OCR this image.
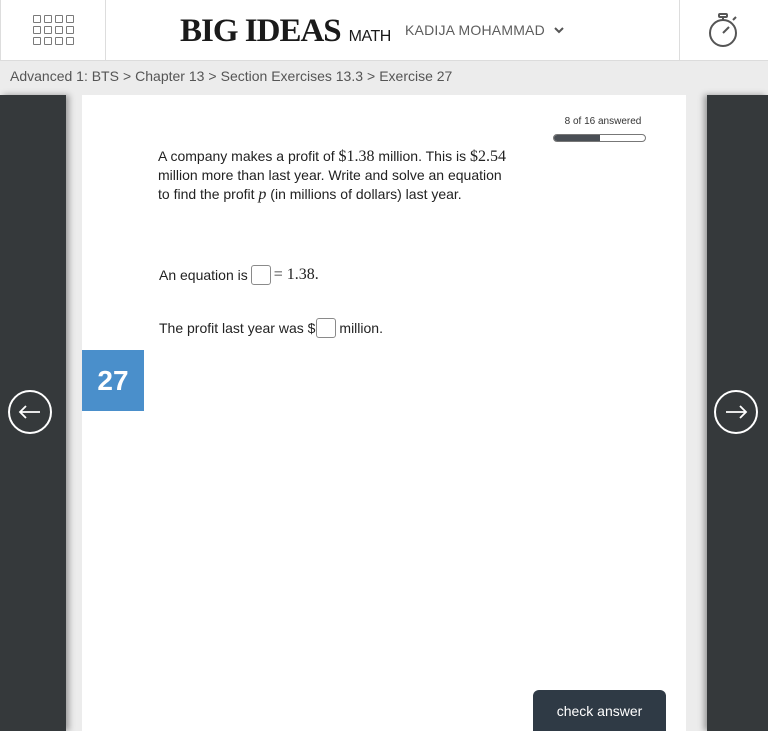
BIG IDEAS MATH KADIJA MOHAMMAD
Advanced 1: BTS > Chapter 13 > Section Exercises 13.3 > Exercise 27
8 of 16 answered
A company makes a profit of $1.38 million. This is $2.54 million more than last year. Write and solve an equation to find the profit p (in millions of dollars) last year.
An equation is = 1.38.
The profit last year was $ million.
27
check answer
